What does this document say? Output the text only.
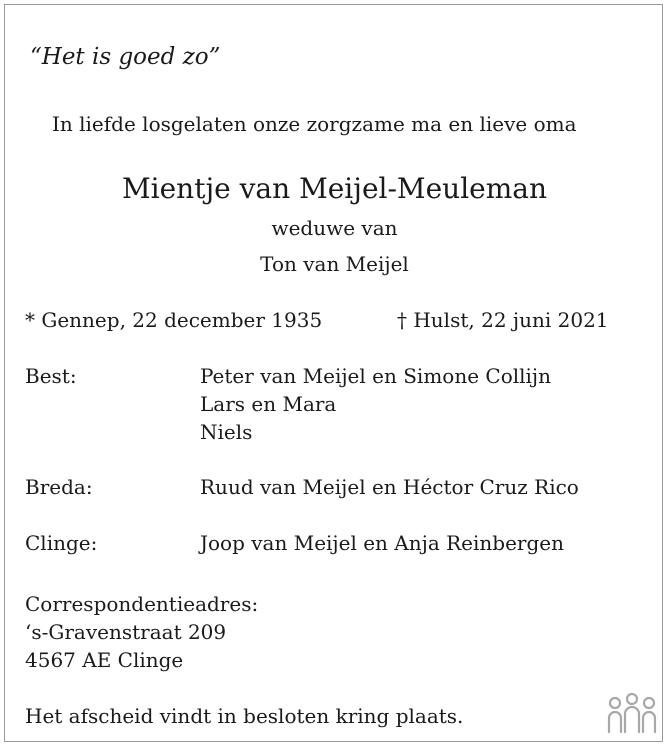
“Het is goed zo”
In liefde losgelaten onze zorgzame ma en lieve oma
Mientje van Meijel-Meuleman
weduwe van
Ton van Meijel
* Gennep, 22 december 1935	† Hulst, 22 juni 2021
Best:	Peter van Meijel en Simone Collijn
Lars en Mara
Niels
Breda:	Ruud van Meijel en Héctor Cruz Rico
Clinge:	Joop van Meijel en Anja Reinbergen
Correspondentieadres:
‘s-Gravenstraat 209
4567 AE Clinge
Het afscheid vindt in besloten kring plaats.
